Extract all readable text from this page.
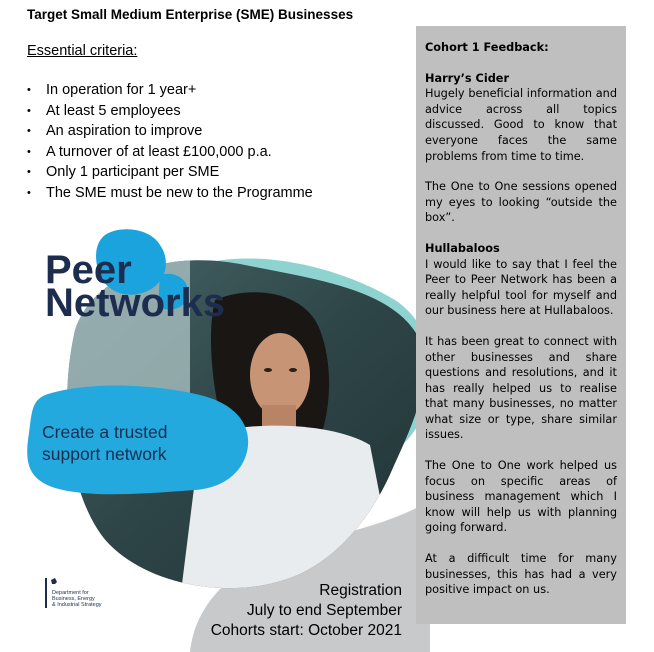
Target Small Medium Enterprise (SME) Businesses
Essential criteria:
• In operation for 1 year+
• At least 5 employees
• An aspiration to improve
• A turnover of at least £100,000 p.a.
• Only 1 participant per SME
• The SME must be new to the Programme
Peer
Networks
Create a trusted
support network
Department for
Business, Energy
& Industrial Strategy
Cohort 1 Feedback:
Harry’s Cider

Hugely beneficial information and advice across all topics discussed. Good to know that everyone faces the same problems from time to time.

The One to One sessions opened my eyes to looking “outside the box”.

Hullabaloos

I would like to say that I feel the Peer to Peer Network has been a really helpful tool for myself and our business here at Hullabaloos.

It has been great to connect with other businesses and share questions and resolutions, and it has really helped us to realise that many businesses, no matter what size or type, share similar issues.

The One to One work helped us focus on specific areas of business management which I know will help us with planning going forward.

At a difficult time for many businesses, this has had a very positive impact on us.

Registration
July to end September
Cohorts start: October 2021
